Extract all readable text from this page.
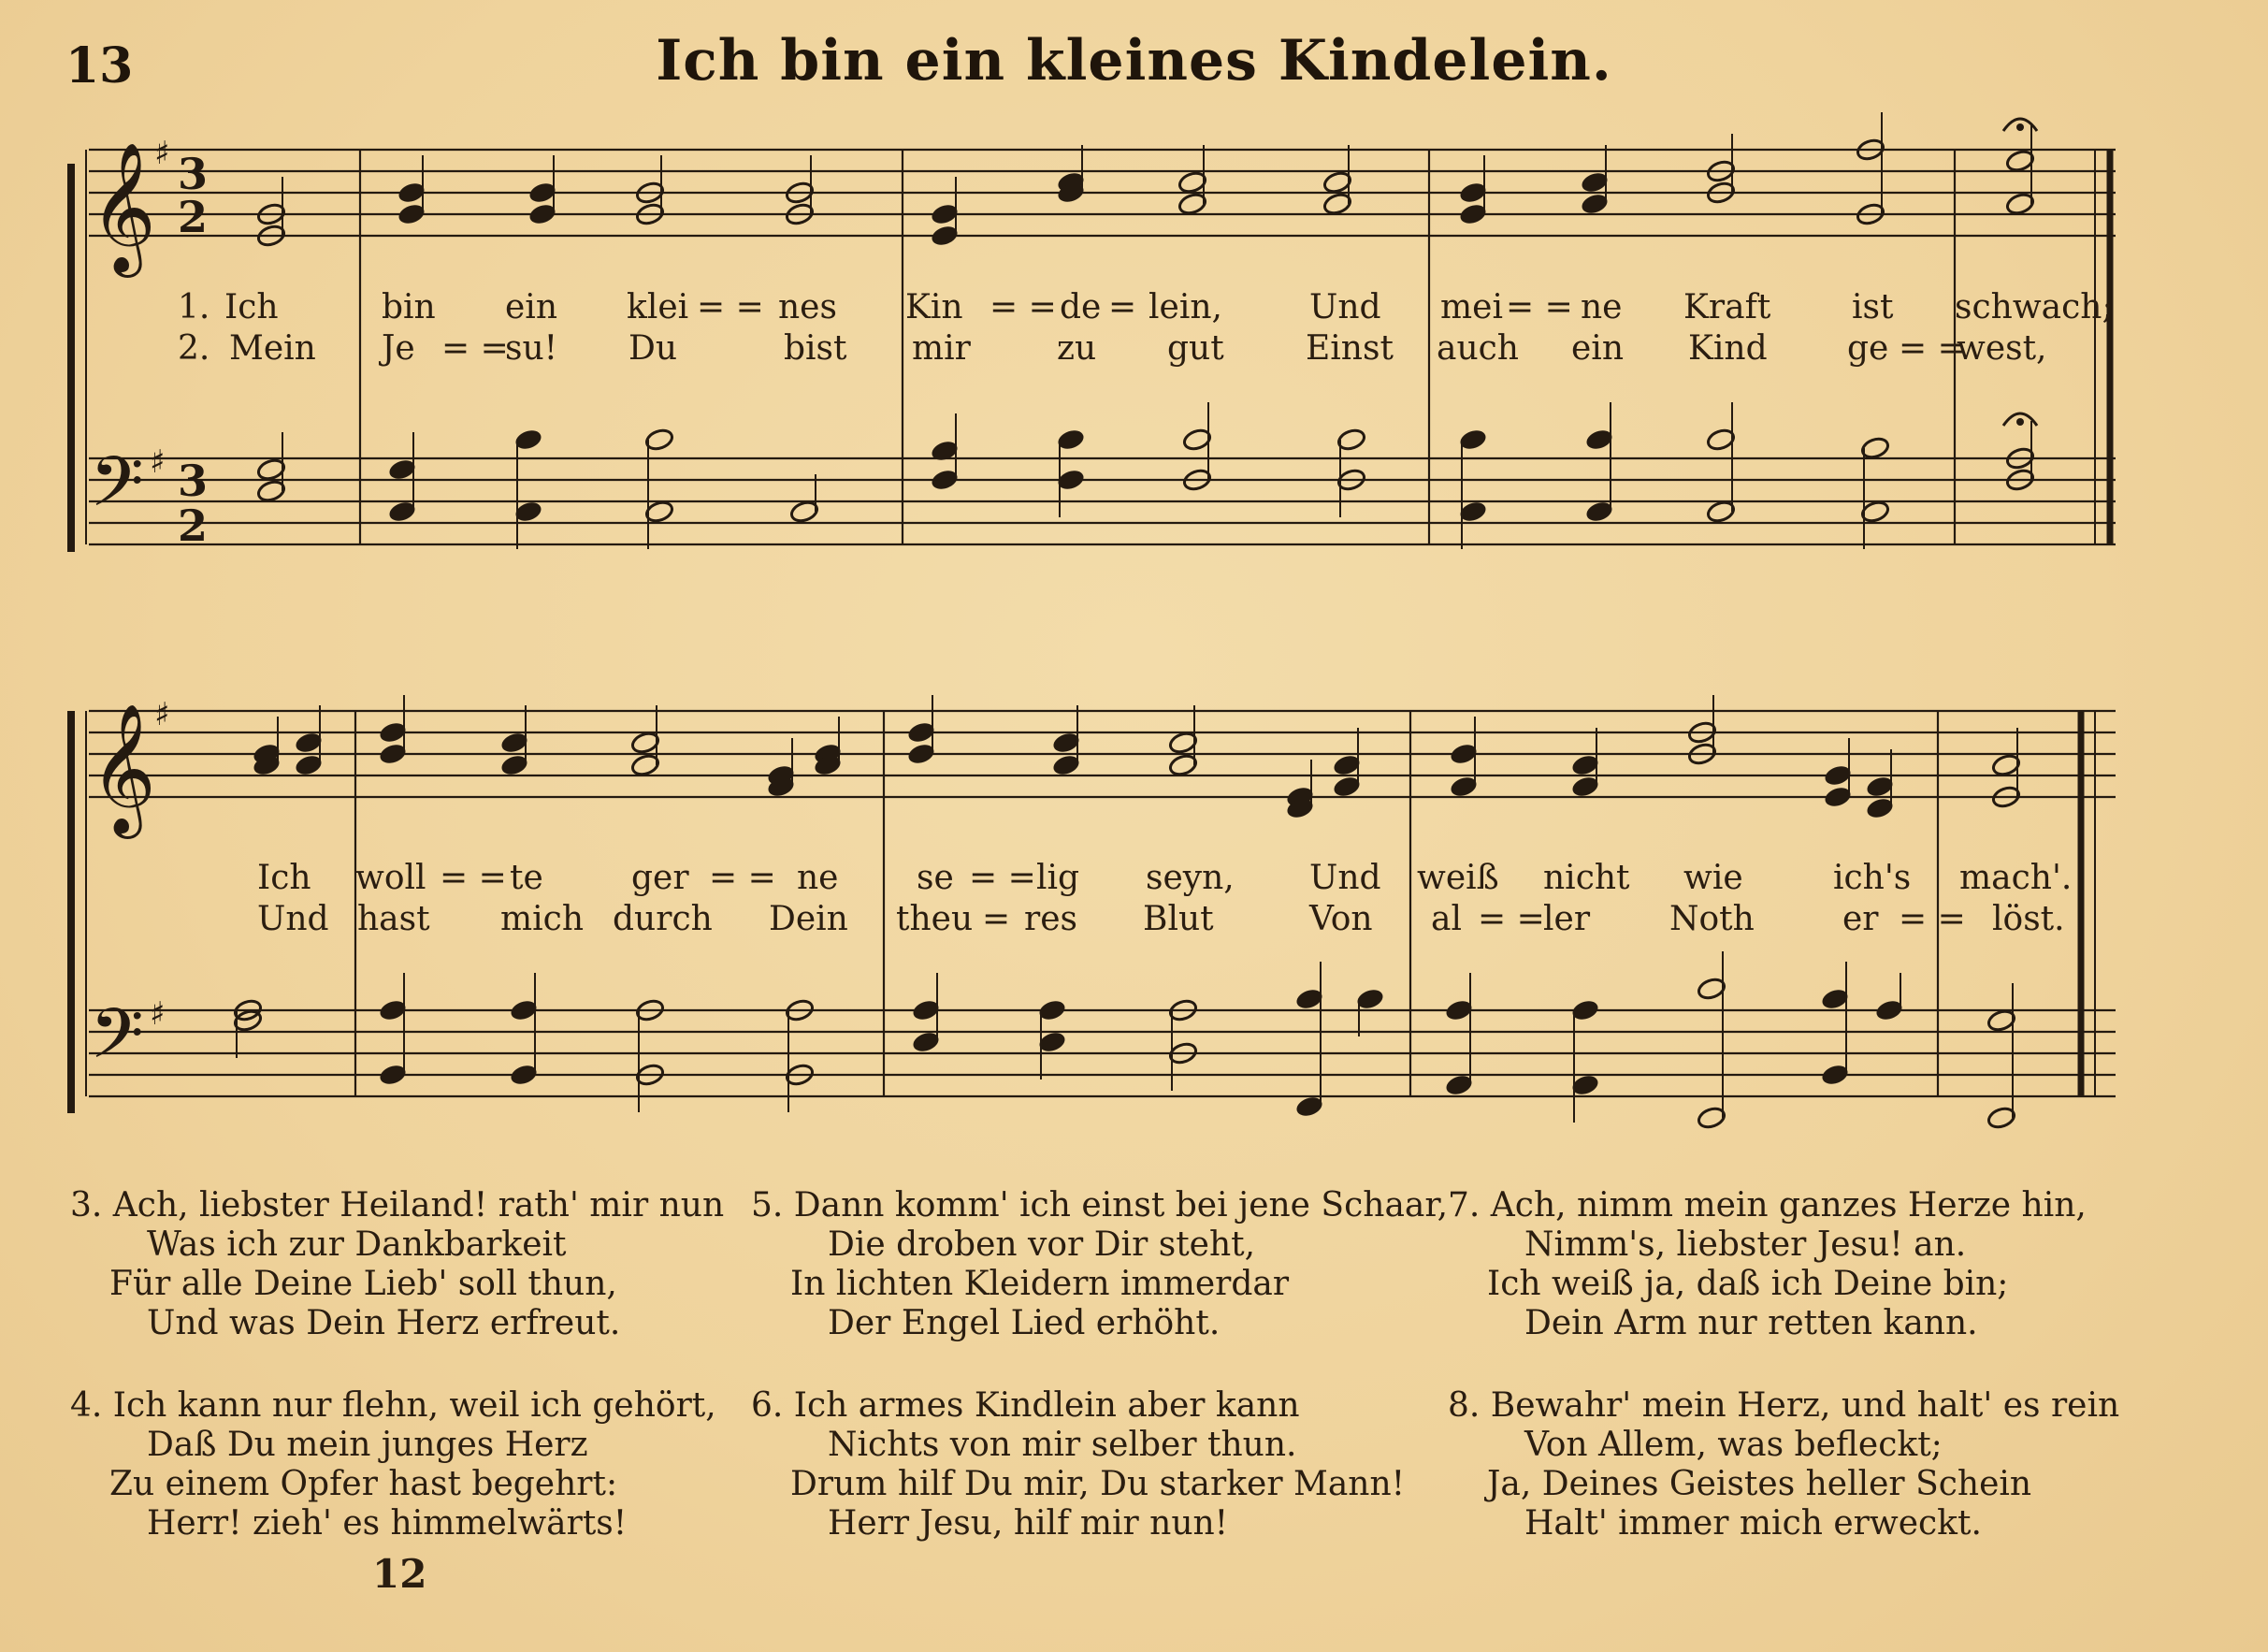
13	Ich bin ein kleines Kindelein.
𝄞
𝄢
𝄞
𝄢
♯
♯
♯
♯
3
2
3
2
1. Ich	bin ein klei = = nes Kin = = de = lein,	Und mei = = ne Kraft ist schwach;
2. Mein Je = =
su! Du	bist mir	zu gut Einst auch ein Kind ge = =
west,
Ich woll = = te	ger = = ne se = = lig seyn, Und weiß nicht wie	ich's mach'.
Und hast mich durch Dein theu = res Blut	Von al = =
ler Noth	er = = löst.
3. Ach, liebster Heiland! rath' mir nun
Was ich zur Dankbarkeit
Für alle Deine Lieb' soll thun,
Und was Dein Herz erfreut.
5. Dann komm' ich einst bei jene Schaar,
Die droben vor Dir steht,
In lichten Kleidern immerdar
Der Engel Lied erhöht.
7. Ach, nimm mein ganzes Herze hin,
Nimm's, liebster Jesu! an.
Ich weiß ja, daß ich Deine bin;
Dein Arm nur retten kann.
4. Ich kann nur flehn, weil ich gehört,
Daß Du mein junges Herz
Zu einem Opfer hast begehrt:
Herr! zieh' es himmelwärts!
6. Ich armes Kindlein aber kann
Nichts von mir selber thun.
Drum hilf Du mir, Du starker Mann!
Herr Jesu, hilf mir nun!
8. Bewahr' mein Herz, und halt' es rein
Von Allem, was befleckt;
Ja, Deines Geistes heller Schein
Halt' immer mich erweckt.
12
